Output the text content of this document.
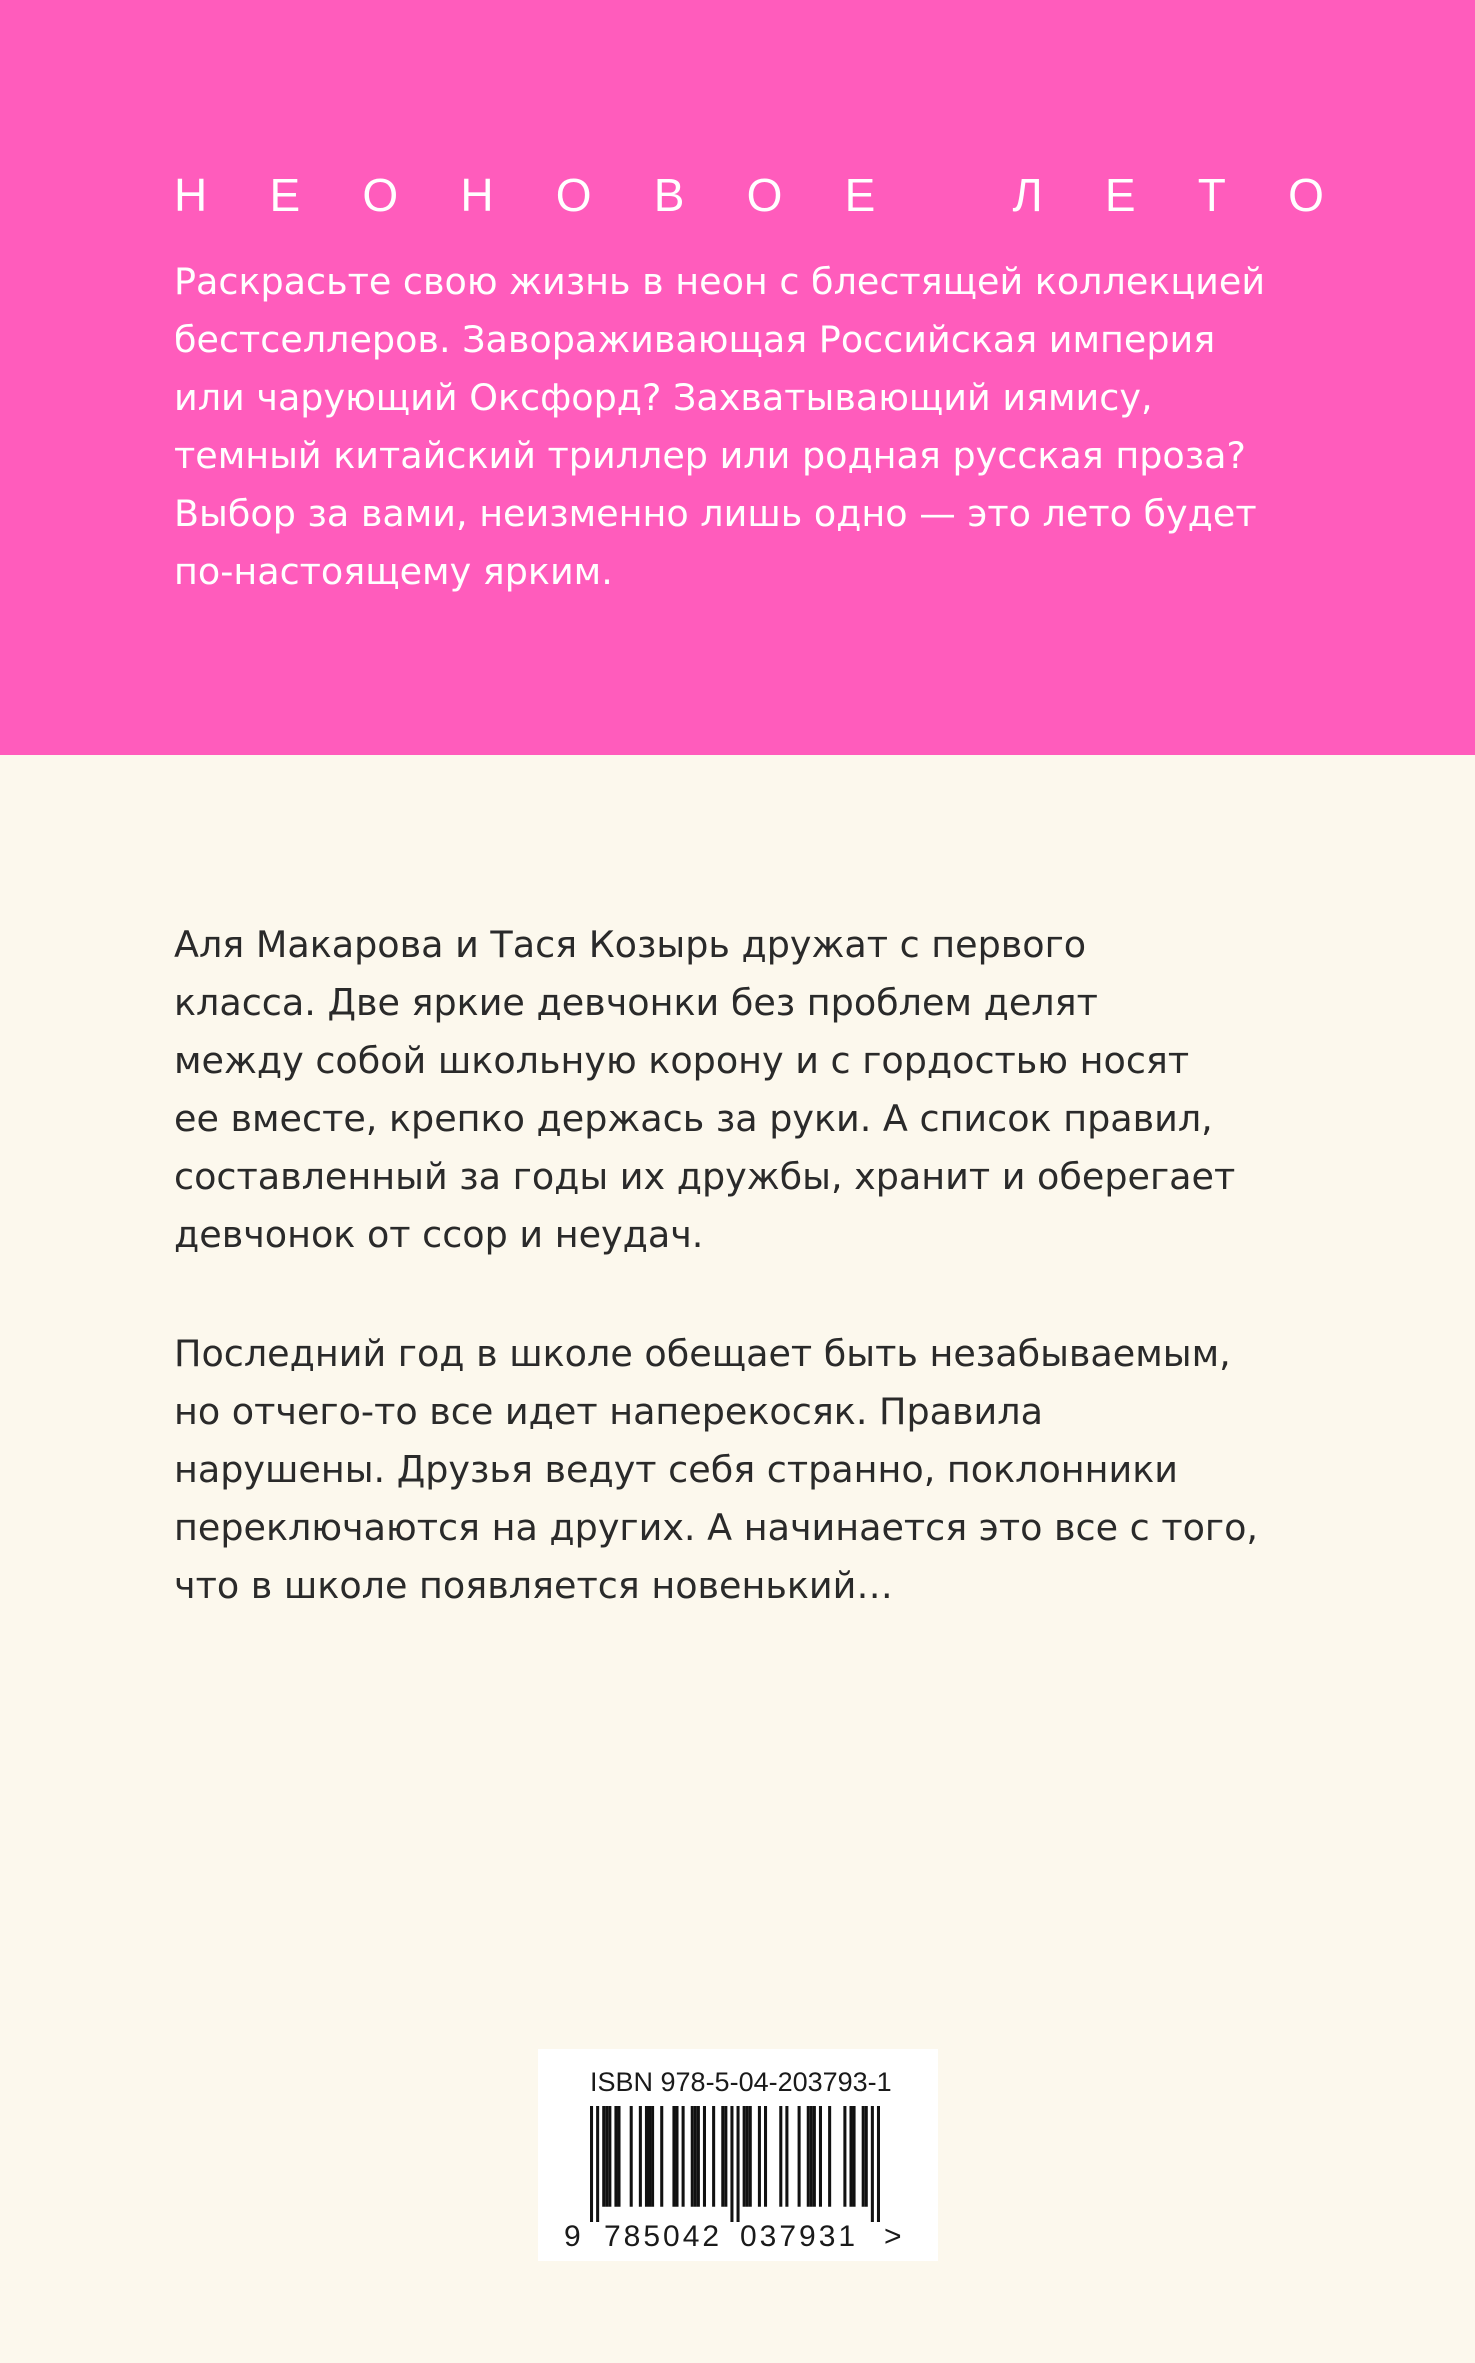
Н Е О Н О В О Е
	Л Е Т О
Раскрасьте свою жизнь в неон с блестящей коллекцией
бестселлеров. Завораживающая Российская империя
или чарующий Оксфорд? Захватывающий иямису,
темный китайский триллер или родная русская проза?
Выбор за вами, неизменно лишь одно — это лето будет
по-настоящему ярким.
Аля Макарова и Тася Козырь дружат с первого
класса. Две яркие девчонки без проблем делят
между собой школьную корону и с гордостью носят
ее вместе, крепко держась за руки. А список правил,
составленный за годы их дружбы, хранит и оберегает
девчонок от ссор и неудач.
Последний год в школе обещает быть незабываемым,
но отчего-то все идет наперекосяк. Правила
нарушены. Друзья ведут себя странно, поклонники
переключаются на других. А начинается это все с того,
что в школе появляется новенький…
ISBN 978-5-04-203793-1
9 785042 037931 >
